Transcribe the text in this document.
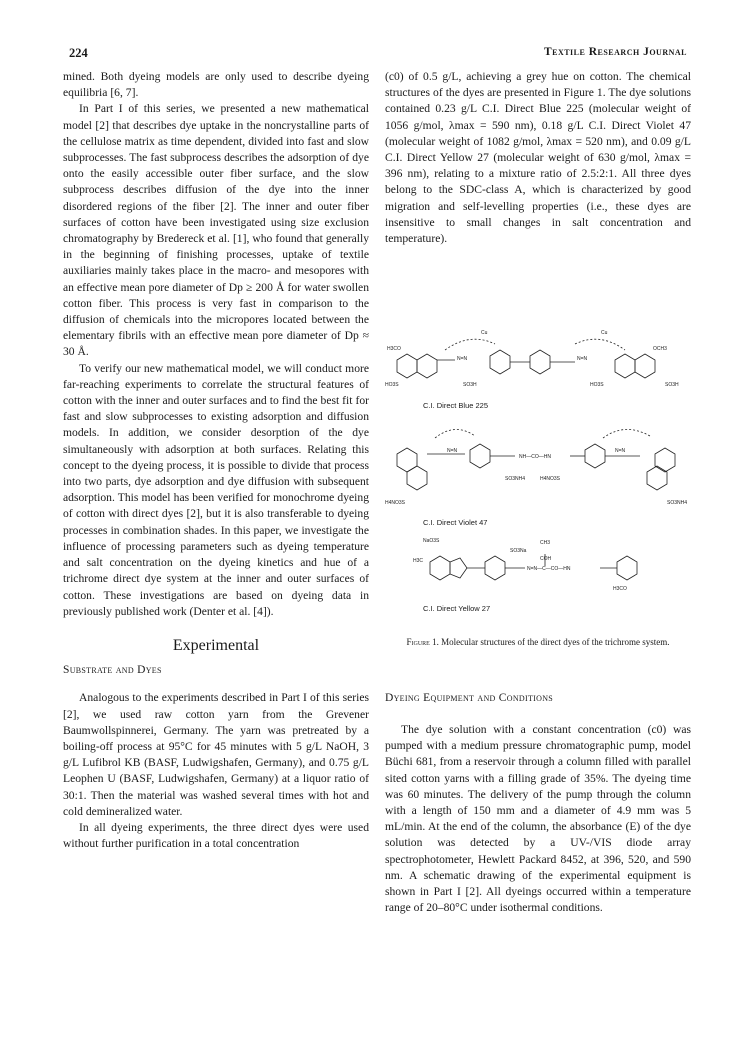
224	Textile Research Journal

mined. Both dyeing models are only used to describe dyeing equilibria [6, 7].

In Part I of this series, we presented a new mathematical model [2] that describes dye uptake in the noncrystalline parts of the cellulose matrix as time dependent, divided into fast and slow subprocesses. The fast subprocess describes the adsorption of dye onto the easily accessible outer fiber surface, and the slow subprocess describes diffusion of the dye into the inner disordered regions of the fiber [2]. The inner and outer fiber surfaces of cotton have been investigated using size exclusion chromatography by Bredereck et al. [1], who found that generally in the beginning of finishing processes, uptake of textile auxiliaries mainly takes place in the macro- and mesopores with an effective mean pore diameter of Dp ≥ 200 Å for water swollen cotton fiber. This process is very fast in comparison to the diffusion of chemicals into the micropores located between the elementary fibrils with an effective mean pore diameter of Dp ≈ 30 Å.

To verify our new mathematical model, we will conduct more far-reaching experiments to correlate the structural features of cotton with the inner and outer surfaces and to find the best fit for fast and slow subprocesses to existing adsorption and diffusion models. In addition, we consider desorption of the dye simultaneously with adsorption at both surfaces. Relating this concept to the dyeing process, it is possible to divide that process into two parts, dye adsorption and dye diffusion with subsequent adsorption. This model has been verified for monochrome dyeing of cotton with direct dyes [2], but it is also transferable to dyeing processes in combination shades. In this paper, we investigate the influence of processing parameters such as dyeing temperature and salt concentration on the dyeing kinetics and hue of a trichrome direct dye system at the inner and outer surfaces of cotton. These investigations are based on dyeing data in previously published work (Denter et al. [4]).

Experimental
Substrate and Dyes

Analogous to the experiments described in Part I of this series [2], we used raw cotton yarn from the Grevener Baumwollspinnerei, Germany. The yarn was pretreated by a boiling-off process at 95°C for 45 minutes with 5 g/L NaOH, 3 g/L Lufibrol KB (BASF, Ludwigshafen, Germany), and 0.75 g/L Leophen U (BASF, Ludwigshafen, Germany) at a liquor ratio of 30:1. Then the material was washed several times with hot and cold demineralized water.

In all dyeing experiments, the three direct dyes were used without further purification in a total concentration

(c0) of 0.5 g/L, achieving a grey hue on cotton. The chemical structures of the dyes are presented in Figure 1. The dye solutions contained 0.23 g/L C.I. Direct Blue 225 (molecular weight of 1056 g/mol, λmax = 590 nm), 0.18 g/L C.I. Direct Violet 47 (molecular weight of 1082 g/mol, λmax = 520 nm), and 0.09 g/L C.I. Direct Yellow 27 (molecular weight of 630 g/mol, λmax = 396 nm), relating to a mixture ratio of 2.5:2:1. All three dyes belong to the SDC-class A, which is characterized by good migration and self-levelling properties (i.e., these dyes are insensitive to small changes in salt concentration and temperature).

Cu	Cu
H3CO	OCH3
N=N	N=N
HO3S	SO3H	HO3S	SO3H
N=N
NH—CO—HN
N=N
SO3NH4	H4NO3S
H4NO3S	SO3NH4
NaO3S	CH3
SO3Na
H3C	COH
N=N—C—CO—HN
H3CO
C.I. Direct Blue 225
C.I. Direct Violet 47
C.I. Direct Yellow 27
Figure 1. Molecular structures of the direct dyes of the trichrome system.
Dyeing Equipment and Conditions

The dye solution with a constant concentration (c0) was pumped with a medium pressure chromatographic pump, model Büchi 681, from a reservoir through a column filled with parallel sited cotton yarns with a filling grade of 35%. The dyeing time was 60 minutes. The delivery of the pump through the column with a length of 150 mm and a diameter of 4.9 mm was 5 mL/min. At the end of the column, the absorbance (E) of the dye solution was detected by a UV-/VIS diode array spectrophotometer, Hewlett Packard 8452, at 396, 520, and 590 nm. A schematic drawing of the experimental equipment is shown in Part I [2]. All dyeings occurred within a temperature range of 20–80°C under isothermal conditions.
